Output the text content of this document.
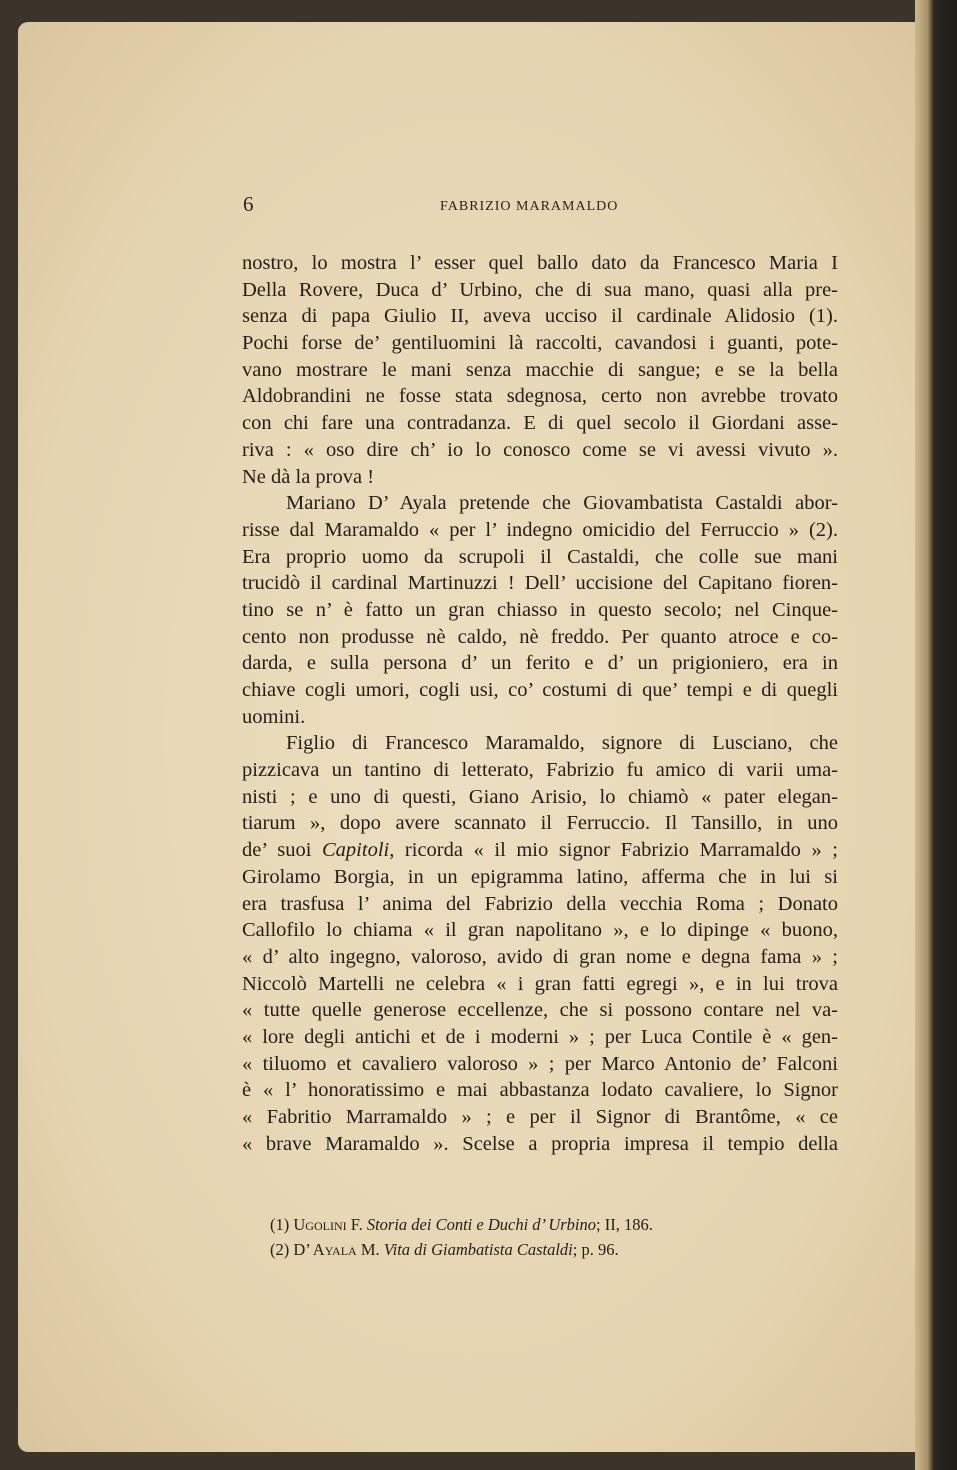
6	FABRIZIO MARAMALDO
nostro, lo mostra l’ esser quel ballo dato da Francesco Maria I
Della Rovere, Duca d’ Urbino, che di sua mano, quasi alla pre-
senza di papa Giulio II, aveva ucciso il cardinale Alidosio (1).
Pochi forse de’ gentiluomini là raccolti, cavandosi i guanti, pote-
vano mostrare le mani senza macchie di sangue; e se la bella
Aldobrandini ne fosse stata sdegnosa, certo non avrebbe trovato
con chi fare una contradanza. E di quel secolo il Giordani asse-
riva : « oso dire ch’ io lo conosco come se vi avessi vivuto ».
Ne dà la prova !
Mariano D’ Ayala pretende che Giovambatista Castaldi abor-
risse dal Maramaldo « per l’ indegno omicidio del Ferruccio » (2).
Era proprio uomo da scrupoli il Castaldi, che colle sue mani
trucidò il cardinal Martinuzzi ! Dell’ uccisione del Capitano fioren-
tino se n’ è fatto un gran chiasso in questo secolo; nel Cinque-
cento non produsse nè caldo, nè freddo. Per quanto atroce e co-
darda, e sulla persona d’ un ferito e d’ un prigioniero, era in
chiave cogli umori, cogli usi, co’ costumi di que’ tempi e di quegli
uomini.
Figlio di Francesco Maramaldo, signore di Lusciano, che
pizzicava un tantino di letterato, Fabrizio fu amico di varii uma-
nisti ; e uno di questi, Giano Arisio, lo chiamò « pater elegan-
tiarum », dopo avere scannato il Ferruccio. Il Tansillo, in uno
de’ suoi Capitoli, ricorda « il mio signor Fabrizio Marramaldo » ;
Girolamo Borgia, in un epigramma latino, afferma che in lui si
era trasfusa l’ anima del Fabrizio della vecchia Roma ; Donato
Callofilo lo chiama « il gran napolitano », e lo dipinge « buono,
« d’ alto ingegno, valoroso, avido di gran nome e degna fama » ;
Niccolò Martelli ne celebra « i gran fatti egregi », e in lui trova
« tutte quelle generose eccellenze, che si possono contare nel va-
« lore degli antichi et de i moderni » ; per Luca Contile è « gen-
« tiluomo et cavaliero valoroso » ; per Marco Antonio de’ Falconi
è « l’ honoratissimo e mai abbastanza lodato cavaliere, lo Signor
« Fabritio Marramaldo » ; e per il Signor di Brantôme, « ce
« brave Maramaldo ». Scelse a propria impresa il tempio della
(1) Ugolini F. Storia dei Conti e Duchi d’ Urbino; II, 186.
(2) D’ Ayala M. Vita di Giambatista Castaldi; p. 96.
